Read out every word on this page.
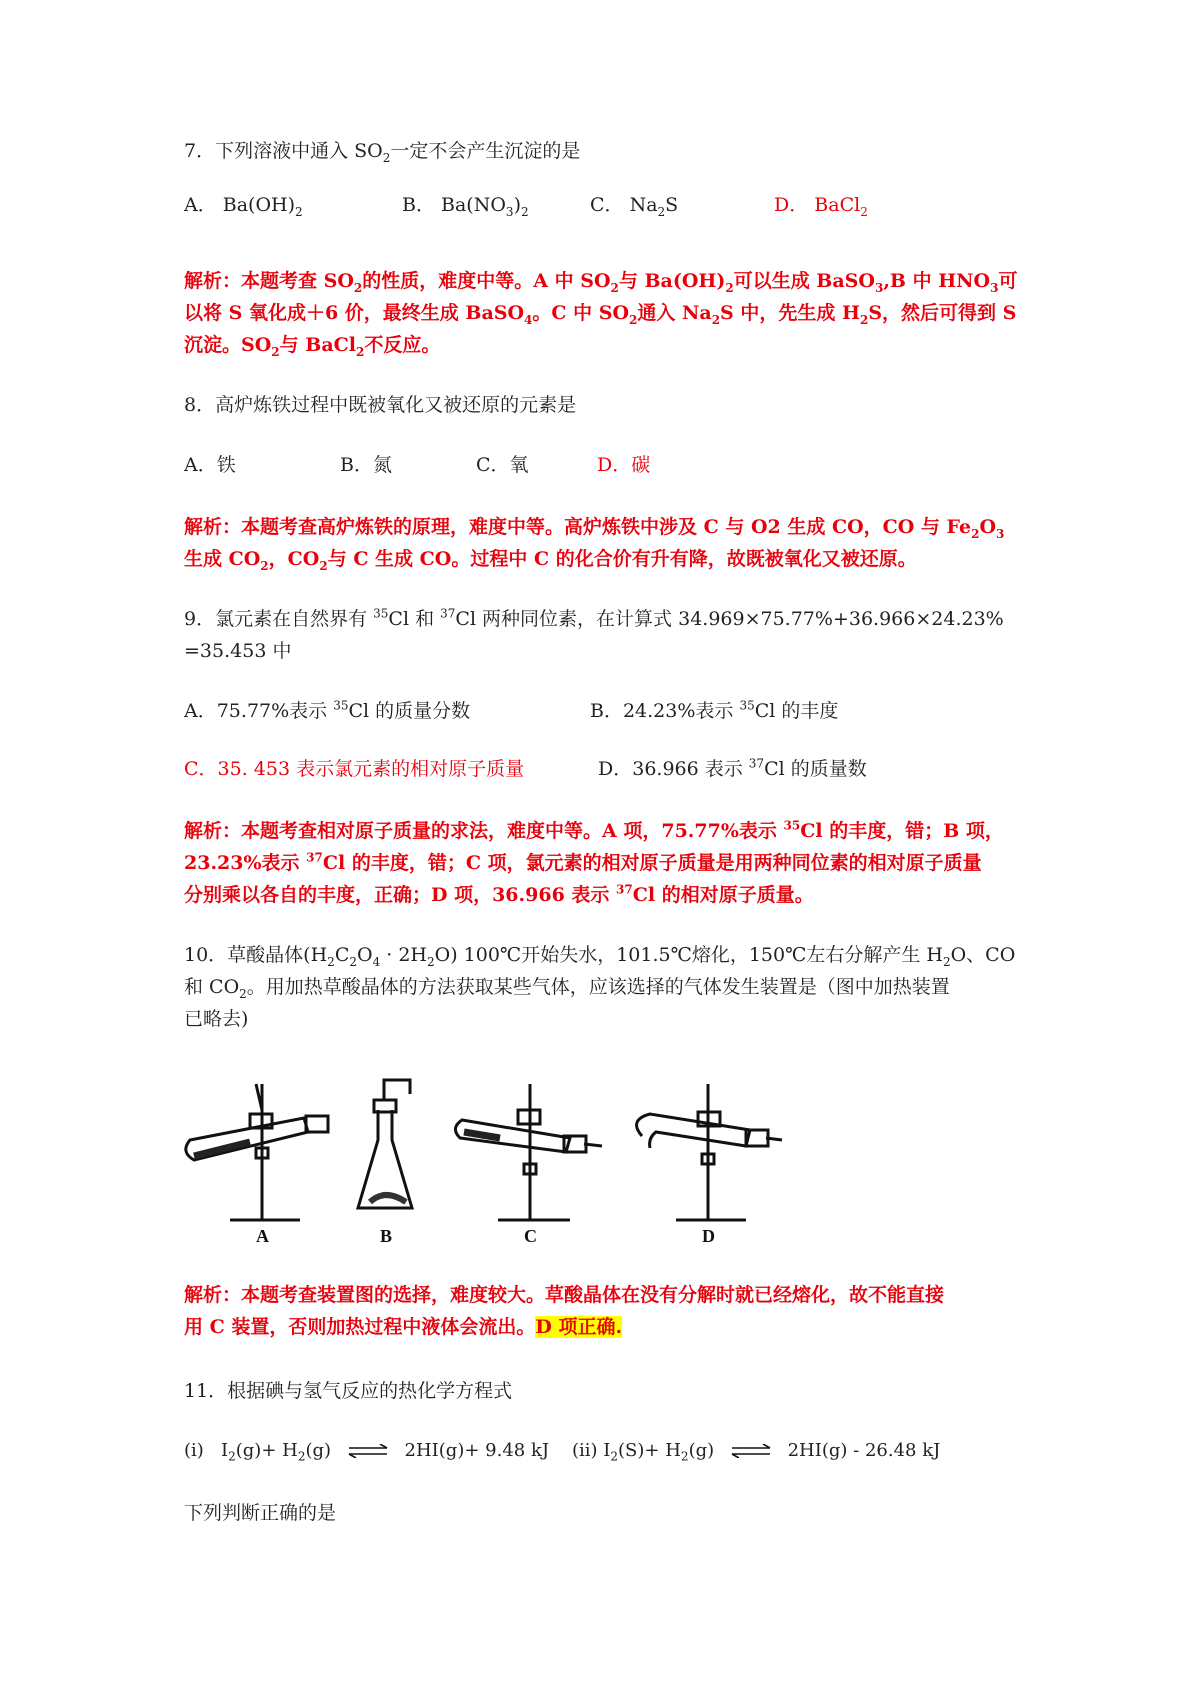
7．下列溶液中通入 $SO_2$一定不会产生沉淀的是
A． $Ba(OH)_2$	B． $Ba(NO_3)_2$	C． $Na_2S$	D． BaCl$_2$
解析：本题考查 $SO_2$的性质，难度中等。A 中 $SO_2$与 $Ba(OH)_2$可以生成 BaSO$_3$,B 中 $HNO_3$可
以将 S 氧化成＋6 价，最终生成 BaSO$_4$。C 中 $SO_2$通入 $Na_2S$ 中，先生成 $H_2S$，然后可得到 S
沉淀。$SO_2$与 BaCl$_2$不反应。
8．高炉炼铁过程中既被氧化又被还原的元素是
A．铁	B．氮	C．氧	D．碳
解析：本题考查高炉炼铁的原理，难度中等。高炉炼铁中涉及 C 与 O2 生成 CO，CO 与 $Fe_2O_3$
生成 $CO_2$，$CO_2$与 C 生成 CO。过程中 C 的化合价有升有降，故既被氧化又被还原。
9．氯元素在自然界有 $^{35}$Cl 和 $^{37}$Cl 两种同位素，在计算式 34.969×75.77%+36.966×24.23%
=35.453 中
A．75.77%表示 $^{35}$Cl 的质量分数	B．24.23%表示 $^{35}$Cl 的丰度
C．35. 453 表示氯元素的相对原子质量	D．36.966 表示 $^{37}$Cl 的质量数
解析：本题考查相对原子质量的求法，难度中等。A 项，75.77%表示 $^{35}$Cl 的丰度，错；B 项，
23.23%表示 $^{37}$Cl 的丰度，错；C 项，氯元素的相对原子质量是用两种同位素的相对原子质量
分别乘以各自的丰度，正确；D 项，36.966 表示 $^{37}$Cl 的相对原子质量。
10．草酸晶体$(H_2C_2O_4 \cdot 2H_2O)$ 100℃开始失水，101.5℃熔化，150℃左右分解产生 $H_2O$、CO
和 $CO_2$。用加热草酸晶体的方法获取某些气体，应该选择的气体发生装置是（图中加热装置
已略去)
A	B	C	D
解析：本题考查装置图的选择，难度较大。草酸晶体在没有分解时就已经熔化，故不能直接
用 C 装置，否则加热过程中液体会流出。D 项正确.
11．根据碘与氢气反应的热化学方程式
(i) $I_2(g)+ H_2(g)$ ⇌ 2HI(g)+ 9.48 kJ (ii) $I_2(S)+ H_2(g)$ ⇌ 2HI(g) - 26.48 kJ
下列判断正确的是
